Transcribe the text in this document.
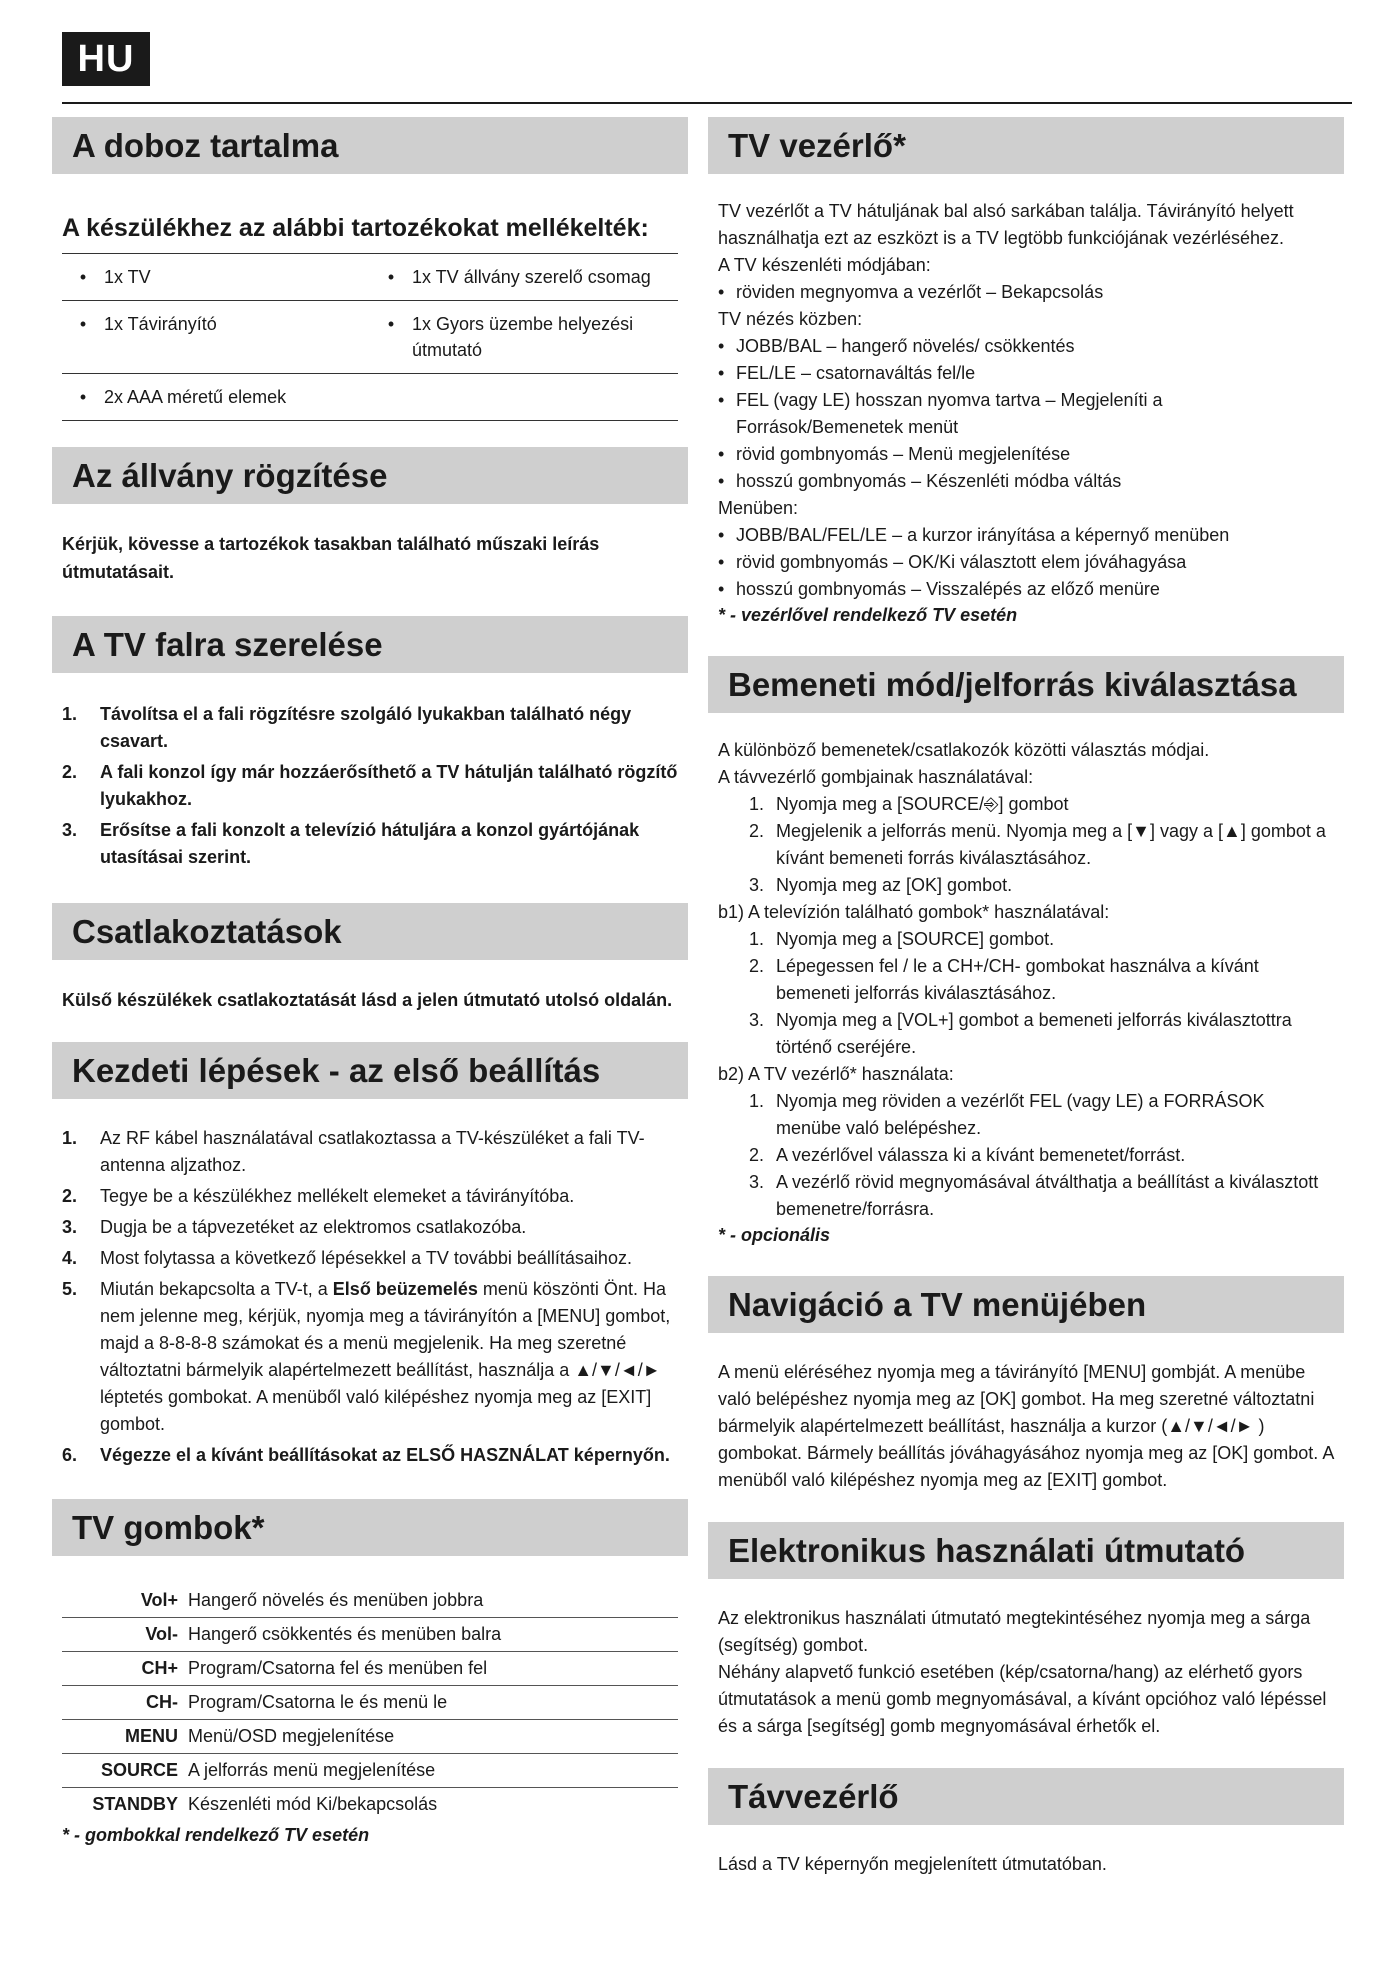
HU
A doboz tartalma
A készülékhez az alábbi tartozékokat mellékelték:
• 1x TV	• 1x TV állvány szerelő csomag
• 1x Távirányító	• 1x Gyors üzembe helyezési útmutató
• 2x AAA méretű elemek
Az állvány rögzítése
Kérjük, kövesse a tartozékok tasakban található műszaki leírás útmutatásait.
A TV falra szerelése
1.	Távolítsa el a fali rögzítésre szolgáló lyukakban található négy csavart.
2.	A fali konzol így már hozzáerősíthető a TV hátulján található rögzítő lyukakhoz.
3.	Erősítse a fali konzolt a televízió hátuljára a konzol gyártójának utasításai szerint.
Csatlakoztatások
Külső készülékek csatlakoztatását lásd a jelen útmutató utolsó oldalán.
Kezdeti lépések - az első beállítás
1.	Az RF kábel használatával csatlakoztassa a TV-készüléket a fali TV-antenna aljzathoz.
2.	Tegye be a készülékhez mellékelt elemeket a távirányítóba.
3.	Dugja be a tápvezetéket az elektromos csatlakozóba.
4.	Most folytassa a következő lépésekkel a TV további beállításaihoz.
5.	Miután bekapcsolta a TV-t, a Első beüzemelés menü köszönti Önt. Ha nem jelenne meg, kérjük, nyomja meg a távirányítón a [MENU] gombot, majd a 8-8-8-8 számokat és a menü megjelenik. Ha meg szeretné változtatni bármelyik alapértelmezett beállítást, használja a ▲/▼/◄/► léptetés gombokat. A menüből való kilépéshez nyomja meg az [EXIT] gombot.
6.	Végezze el a kívánt beállításokat az ELSŐ HASZNÁLAT képernyőn.
TV gombok*
Vol+ Hangerő növelés és menüben jobbra
Vol- Hangerő csökkentés és menüben balra
CH+ Program/Csatorna fel és menüben fel
CH- Program/Csatorna le és menü le
MENU Menü/OSD megjelenítése
SOURCE A jelforrás menü megjelenítése
STANDBY Készenléti mód Ki/bekapcsolás
* - gombokkal rendelkező TV esetén
TV vezérlő*
TV vezérlőt a TV hátuljának bal alsó sarkában találja. Távirányító helyett használhatja ezt az eszközt is a TV legtöbb funkciójának vezérléséhez.
A TV készenléti módjában:
• röviden megnyomva a vezérlőt – Bekapcsolás
TV nézés közben:
• JOBB/BAL – hangerő növelés/ csökkentés
• FEL/LE – csatornaváltás fel/le
• FEL (vagy LE) hosszan nyomva tartva – Megjeleníti a Források/Bemenetek menüt
• rövid gombnyomás – Menü megjelenítése
• hosszú gombnyomás – Készenléti módba váltás
Menüben:
• JOBB/BAL/FEL/LE – a kurzor irányítása a képernyő menüben
• rövid gombnyomás – OK/Ki választott elem jóváhagyása
• hosszú gombnyomás – Visszalépés az előző menüre
* - vezérlővel rendelkező TV esetén
Bemeneti mód/jelforrás kiválasztása
A különböző bemenetek/csatlakozók közötti választás módjai.
A távvezérlő gombjainak használatával:
1. Nyomja meg a [SOURCE/⎆] gombot
2. Megjelenik a jelforrás menü. Nyomja meg a [▼] vagy a [▲] gombot a kívánt bemeneti forrás kiválasztásához.
3. Nyomja meg az [OK] gombot.
b1) A televízión található gombok* használatával:
1. Nyomja meg a [SOURCE] gombot.
2. Lépegessen fel / le a CH+/CH- gombokat használva a kívánt bemeneti jelforrás kiválasztásához.
3. Nyomja meg a [VOL+] gombot a bemeneti jelforrás kiválasztottra történő cseréjére.
b2) A TV vezérlő* használata:
1. Nyomja meg röviden a vezérlőt FEL (vagy LE) a FORRÁSOK menübe való belépéshez.
2. A vezérlővel válassza ki a kívánt bemenetet/forrást.
3. A vezérlő rövid megnyomásával átválthatja a beállítást a kiválasztott bemenetre/forrásra.
* - opcionális
Navigáció a TV menüjében
A menü eléréséhez nyomja meg a távirányító [MENU] gombját. A menübe való belépéshez nyomja meg az [OK] gombot. Ha meg szeretné változtatni bármelyik alapértelmezett beállítást, használja a kurzor (▲/▼/◄/► ) gombokat. Bármely beállítás jóváhagyásához nyomja meg az [OK] gombot. A menüből való kilépéshez nyomja meg az [EXIT] gombot.
Elektronikus használati útmutató
Az elektronikus használati útmutató megtekintéséhez nyomja meg a sárga (segítség) gombot.
Néhány alapvető funkció esetében (kép/csatorna/hang) az elérhető gyors útmutatások a menü gomb megnyomásával, a kívánt opcióhoz való lépéssel és a sárga [segítség] gomb megnyomásával érhetők el.
Távvezérlő
Lásd a TV képernyőn megjelenített útmutatóban.
